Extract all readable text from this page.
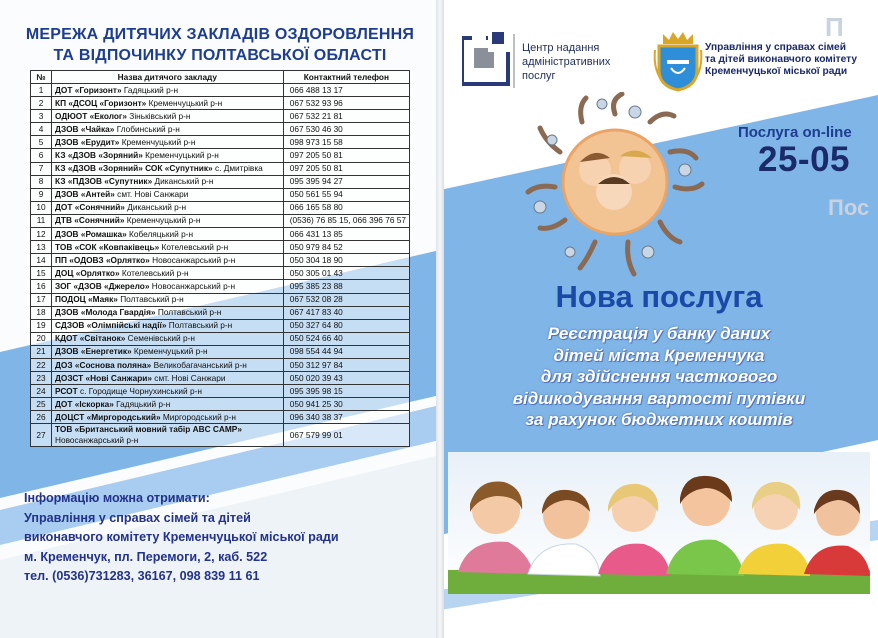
МЕРЕЖА ДИТЯЧИХ ЗАКЛАДІВ ОЗДОРОВЛЕННЯ
ТА ВІДПОЧИНКУ ПОЛТАВСЬКОЇ ОБЛАСТІ
№	Назва дитячого закладу	Контактний телефон
1	ДОТ «Горизонт» Гадяцький р-н	066 488 13 17
2	КП «ДСОЦ «Горизонт» Кременчуцький р-н	067 532 93 96
3	ОДЮОТ «Еколог» Зіньківський р-н	067 532 21 81
4	ДЗОВ «Чайка» Глобинський р-н	067 530 46 30
5	ДЗОВ «Ерудит» Кременчуцький р-н	098 973 15 58
6	КЗ «ДЗОВ «Зоряний» Кременчуцький р-н	097 205 50 81
7	КЗ «ДЗОВ «Зоряний» СОК «Супутник» с. Дмитрівка	097 205 50 81
8	КЗ «ПДЗОВ «Супутник» Диканський р-н	095 395 94 27
9	ДЗОВ «Антей» смт. Нові Санжари	050 561 55 94
10	ДОТ «Сонячний» Диканський р-н	066 165 58 80
11	ДТВ «Сонячний» Кременчуцький р-н	(0536) 76 85 15, 066 396 76 57
12	ДЗОВ «Ромашка» Кобеляцький р-н	066 431 13 85
13	ТОВ «СОК «Ковпаківець» Котелевський р-н	050 979 84 52
14	ПП «ОДОВЗ «Орлятко» Новосанжарський р-н	050 304 18 90
15	ДОЦ «Орлятко» Котелевський р-н	050 305 01 43
16	ЗОГ «ДЗОВ «Джерело» Новосанжарський р-н	095 385 23 88
17	ПОДОЦ «Маяк» Полтавський р-н	067 532 08 28
18	ДЗОВ «Молода Гвардія» Полтавський р-н	067 417 83 40
19	СДЗОВ «Олімпійські надії» Полтавський р-н	050 327 64 80
20	КДОТ «Світанок» Семенівський р-н	050 524 66 40
21	ДЗОВ «Енергетик» Кременчуцький р-н	098 554 44 94
22	ДОЗ «Соснова поляна» Великобагачанський р-н	050 312 97 84
23	ДОЗСТ «Нові Санжари» смт. Нові Санжари	050 020 39 43
24	РСОТ с. Городище Чорнухинський р-н	095 395 98 15
25	ДОТ «Іскорка» Гадяцький р-н	050 941 25 30
26	ДОЦСТ «Миргородський» Миргородський р-н	096 340 38 37
27	ТОВ «Британський мовний табір ABC CAMP»
Новосанжарський р-н	067 579 99 01
Інформацію можна отримати:
Управління у справах сімей та дітей
виконавчого комітету Кременчуцької міської ради
м. Кременчук, пл. Перемоги, 2, каб. 522
тел. (0536)731283, 36167, 098 839 11 61
П
Пос
Центр надання
адміністративних
послуг
Управління у справах сімей
та дітей виконавчого комітету
Кременчуцької міської ради
Послуга on-line
25-05
Нова послуга
Реєстрація у банку даних
дітей міста Кременчука
для здійснення часткового
відшкодування вартості путівки
за рахунок бюджетних коштів
